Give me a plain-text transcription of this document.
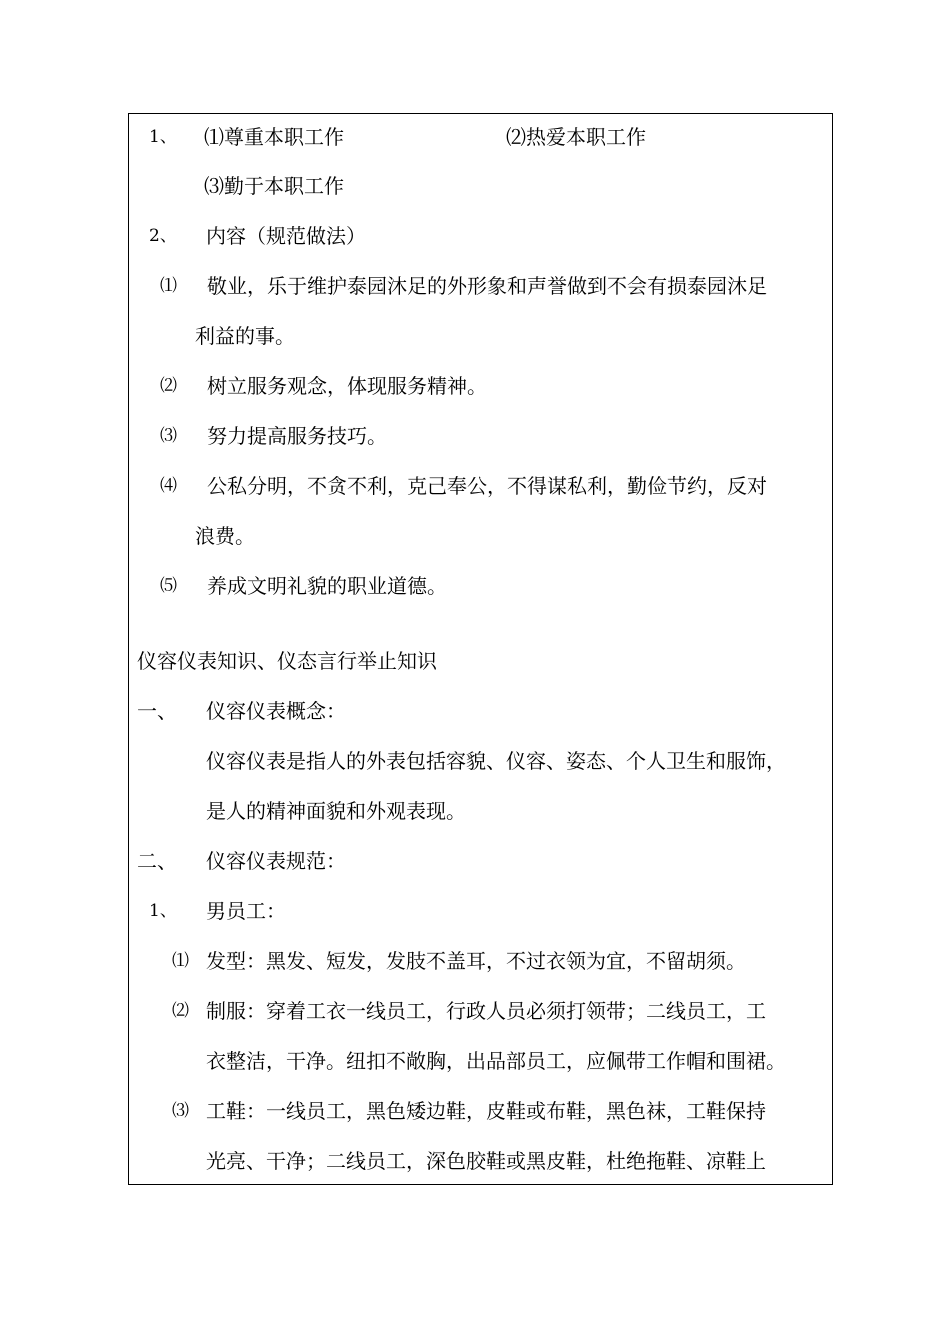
1、 ⑴尊重本职工作	⑵热爱本职工作
⑶勤于本职工作
2、 内容（规范做法）
⑴ 敬业，乐于维护泰园沐足的外形象和声誉做到不会有损泰园沐足
利益的事。
⑵ 树立服务观念，体现服务精神。
⑶ 努力提高服务技巧。
⑷ 公私分明，不贪不利，克己奉公，不得谋私利，勤俭节约，反对
浪费。
⑸ 养成文明礼貌的职业道德。
仪容仪表知识、仪态言行举止知识
一、 仪容仪表概念：
仪容仪表是指人的外表包括容貌、仪容、姿态、个人卫生和服饰，
是人的精神面貌和外观表现。
二、 仪容仪表规范：
1、 男员工：
⑴ 发型：黑发、短发，发肢不盖耳，不过衣领为宜，不留胡须。
⑵ 制服：穿着工衣一线员工，行政人员必须打领带；二线员工，工
衣整洁，干净。纽扣不敞胸，出品部员工，应佩带工作帽和围裙。
⑶ 工鞋：一线员工，黑色矮边鞋，皮鞋或布鞋，黑色袜，工鞋保持
光亮、干净；二线员工，深色胶鞋或黑皮鞋，杜绝拖鞋、凉鞋上
